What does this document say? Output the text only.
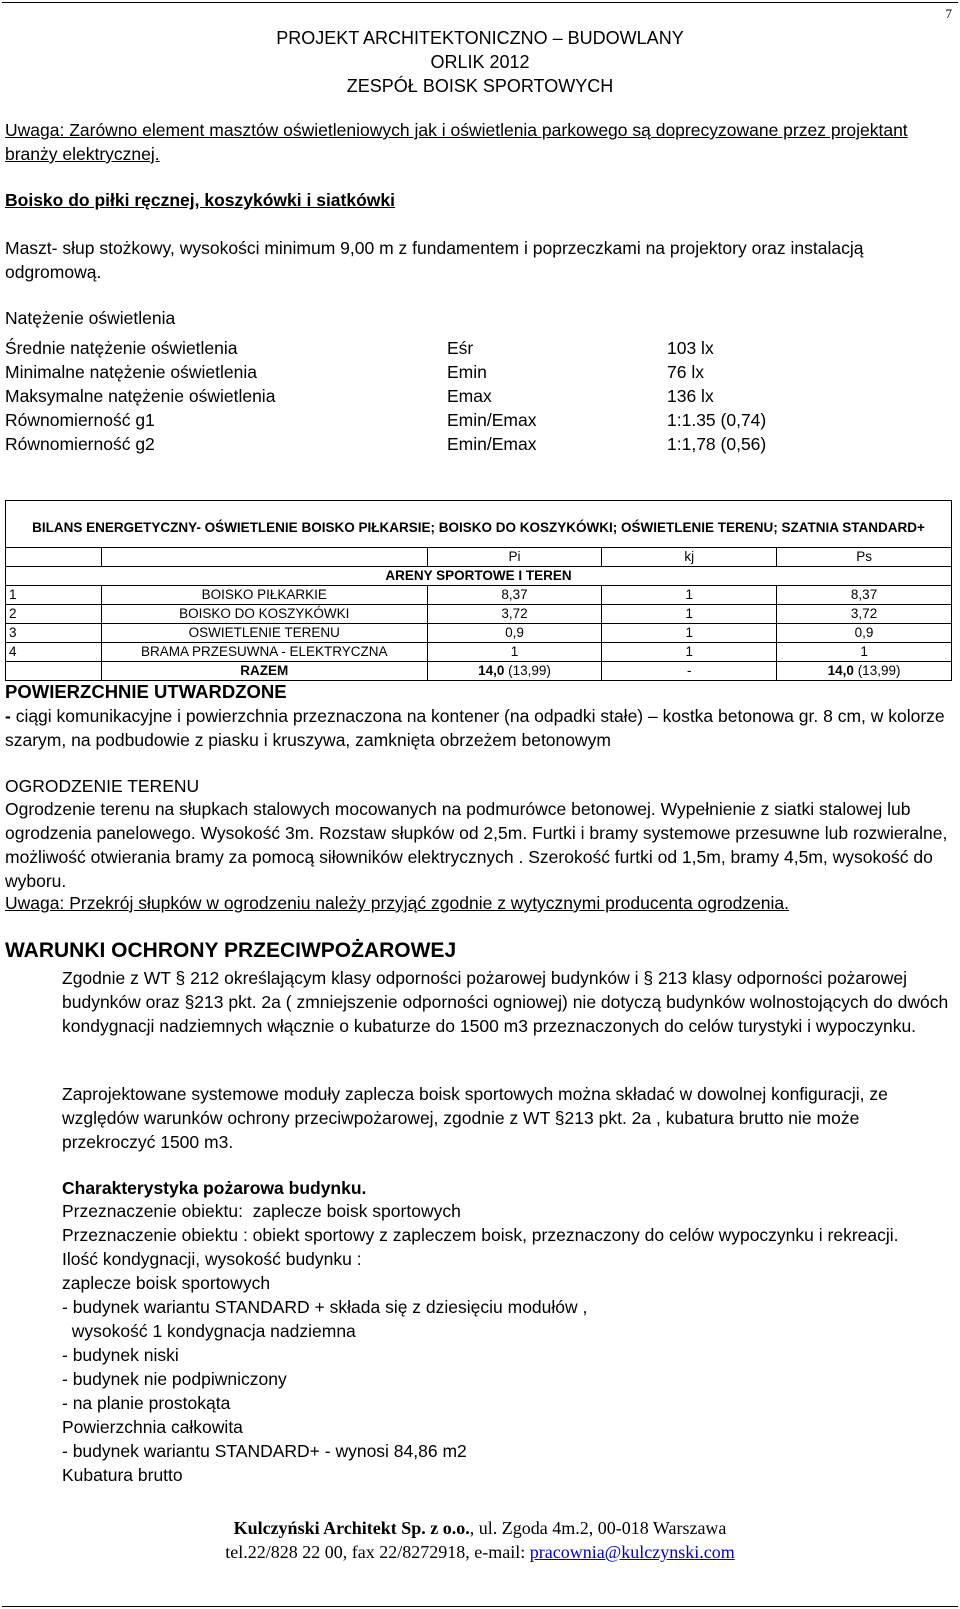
7
PROJEKT ARCHITEKTONICZNO – BUDOWLANY
ORLIK 2012
ZESPÓŁ BOISK SPORTOWYCH
Uwaga: Zarówno element masztów oświetleniowych jak i oświetlenia parkowego są doprecyzowane przez projektant branży elektrycznej.
Boisko do piłki ręcznej, koszykówki i siatkówki
Maszt- słup stożkowy, wysokości minimum 9,00 m z fundamentem i poprzeczkami na projektory oraz instalacją odgromową.
Natężenie oświetlenia
Średnie natężenie oświetlenia	Eśr	103 lx
Minimalne natężenie oświetlenia	Emin	76 lx
Maksymalne natężenie oświetlenia	Emax	136 lx
Równomierność g1	Emin/Emax	1:1.35 (0,74)
Równomierność g2	Emin/Emax	1:1,78 (0,56)
BILANS ENERGETYCZNY- OŚWIETLENIE BOISKO PIŁKARSIE; BOISKO DO KOSZYKÓWKI; OŚWIETLENIE TERENU; SZATNIA STANDARD+				
		Pi	kj	Ps
ARENY SPORTOWE I TEREN				
1	BOISKO PIŁKARKIE	8,37	1	8,37
2	BOISKO DO KOSZYKÓWKI	3,72	1	3,72
3	OSWIETLENIE TERENU	0,9	1	0,9
4	BRAMA PRZESUWNA - ELEKTRYCZNA	1	1	1
	RAZEM	14,0 (13,99)	-	14,0 (13,99)
POWIERZCHNIE UTWARDZONE
- ciągi komunikacyjne i powierzchnia przeznaczona na kontener (na odpadki stałe) – kostka betonowa gr. 8 cm, w kolorze szarym, na podbudowie z piasku i kruszywa, zamknięta obrzeżem betonowym
OGRODZENIE TERENU
Ogrodzenie terenu na słupkach stalowych mocowanych na podmurówce betonowej. Wypełnienie z siatki stalowej lub ogrodzenia panelowego. Wysokość 3m. Rozstaw słupków od 2,5m. Furtki i bramy systemowe przesuwne lub rozwieralne, możliwość otwierania bramy za pomocą siłowników elektrycznych . Szerokość furtki od 1,5m, bramy 4,5m, wysokość do wyboru.
Uwaga: Przekrój słupków w ogrodzeniu należy przyjąć zgodnie z wytycznymi producenta ogrodzenia.
WARUNKI OCHRONY PRZECIWPOŻAROWEJ
Zgodnie z WT § 212 określającym klasy odporności pożarowej budynków i § 213 klasy odporności pożarowej budynków oraz §213 pkt. 2a ( zmniejszenie odporności ogniowej) nie dotyczą budynków wolnostojących do dwóch kondygnacji nadziemnych włącznie o kubaturze do 1500 m3 przeznaczonych do celów turystyki i wypoczynku.
Zaprojektowane systemowe moduły zaplecza boisk sportowych można składać w dowolnej konfiguracji, ze względów warunków ochrony przeciwpożarowej, zgodnie z WT §213 pkt. 2a , kubatura brutto nie może przekroczyć 1500 m3.
Charakterystyka pożarowa budynku.
Przeznaczenie obiektu:  zaplecze boisk sportowych
Przeznaczenie obiektu : obiekt sportowy z zapleczem boisk, przeznaczony do celów wypoczynku i rekreacji.
Ilość kondygnacji, wysokość budynku :
zaplecze boisk sportowych
- budynek wariantu STANDARD + składa się z dziesięciu modułów ,
wysokość 1 kondygnacja nadziemna
- budynek niski
- budynek nie podpiwniczony
- na planie prostokąta
Powierzchnia całkowita
- budynek wariantu STANDARD+ - wynosi 84,86 m2
Kubatura brutto
Kulczyński Architekt Sp. z o.o., ul. Zgoda 4m.2, 00-018 Warszawa
tel.22/828 22 00, fax 22/8272918, e-mail: pracownia@kulczynski.com
